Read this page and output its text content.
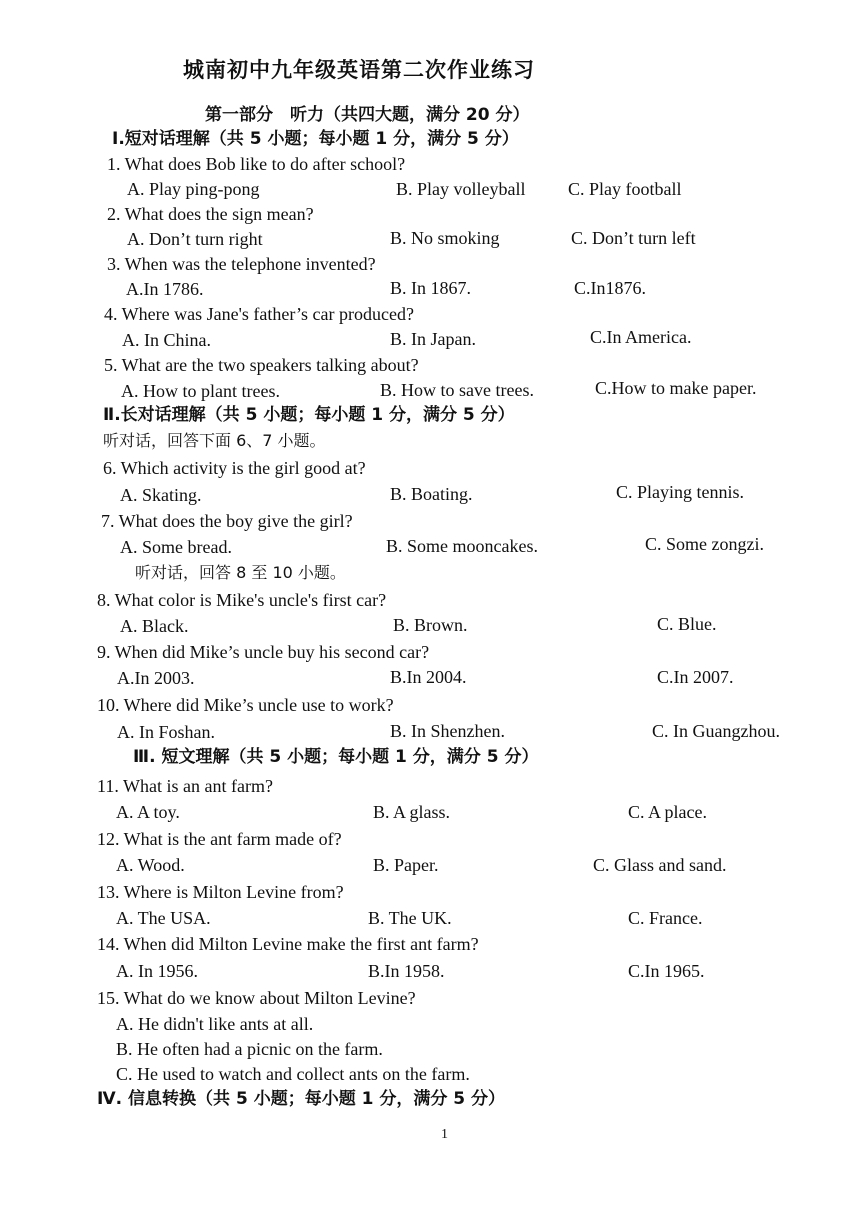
城南初中九年级英语第二次作业练习
第一部分　听力（共四大题，满分 20 分）
Ⅰ.短对话理解（共 5 小题；每小题 1 分，满分 5 分）
1. What does Bob like to do after school?
A. Play ping-pong	B. Play volleyball C. Play football
2. What does the sign mean?
A. Don’t turn right	B. No smoking	C. Don’t turn left
3. When was the telephone invented?
A.In 1786.	B. In 1867.	C.In1876.
4. Where was Jane's father’s car produced?
A. In China.	B. In Japan.	C.In America.
5. What are the two speakers talking about?
A. How to plant trees.	B. How to save trees.	C.How to make paper.
Ⅱ.长对话理解（共 5 小题；每小题 1 分，满分 5 分）
听对话，回答下面 6、7 小题。
6. Which activity is the girl good at?
A. Skating.	B. Boating.	C. Playing tennis.
7. What does the boy give the girl?
A. Some bread.	B. Some mooncakes.	C. Some zongzi.
听对话，回答 8 至 10 小题。
8. What color is Mike's uncle's first car?
A. Black.	B. Brown.	C. Blue.
9. When did Mike’s uncle buy his second car?
A.In 2003.	B.In 2004.	C.In 2007.
10. Where did Mike’s uncle use to work?
A. In Foshan.	B. In Shenzhen.	C. In Guangzhou.
Ⅲ. 短文理解（共 5 小题；每小题 1 分，满分 5 分）
11. What is an ant farm?
A. A toy.	B. A glass.	C. A place.
12. What is the ant farm made of?
A. Wood.	B. Paper.	C. Glass and sand.
13. Where is Milton Levine from?
A. The USA.	B. The UK.	C. France.
14. When did Milton Levine make the first ant farm?
A. In 1956.	B.In 1958.	C.In 1965.
15. What do we know about Milton Levine?
A. He didn't like ants at all.
B. He often had a picnic on the farm.
C. He used to watch and collect ants on the farm.
Ⅳ. 信息转换（共 5 小题；每小题 1 分，满分 5 分）
1
